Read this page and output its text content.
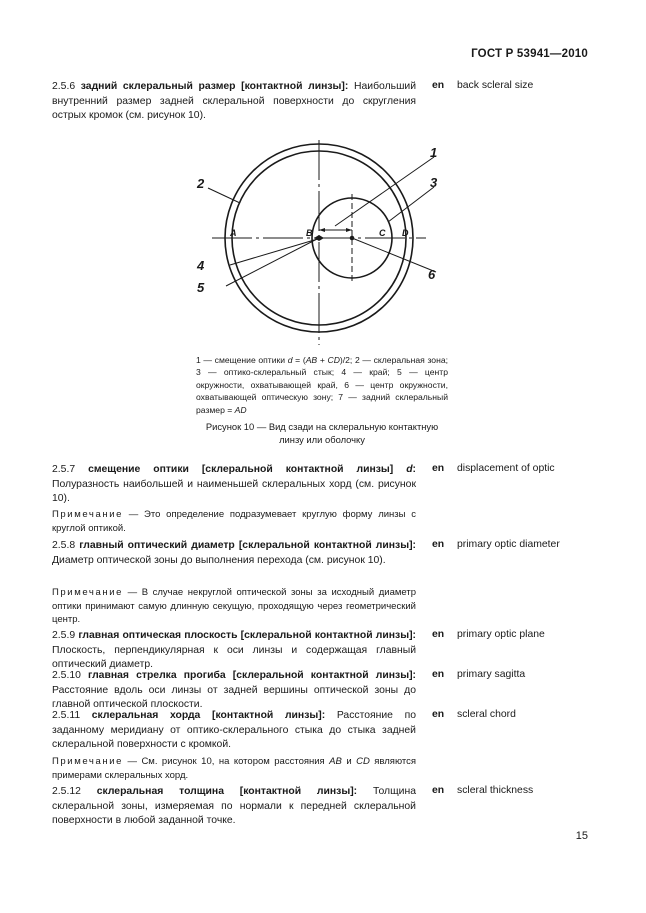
ГОСТ Р 53941—2010
2.5.6 задний склеральный размер [контактной линзы]: Наибольший внутренний размер задней склеральной поверхности до скругления острых кромок (см. рисунок 10).
en back scleral size
1
2	3
4
5
6
A	B	C D
1 — смещение оптики d = (AB + CD)/2; 2 — склеральная зона; 3 — оптико-склеральный стык; 4 — край; 5 — центр окружности, охватывающей край, 6 — центр окружности, охватывающей оптическую зону; 7 — задний склеральный размер = AD
Рисунок 10 — Вид сзади на склеральную контактную линзу или оболочку
2.5.7 смещение оптики [склеральной контактной линзы] d: Полуразность наибольшей и наименьшей склеральных хорд (см. рисунок 10).
en displacement of optic
Примечание — Это определение подразумевает круглую форму линзы с круглой оптикой.
2.5.8 главный оптический диаметр [склеральной контактной линзы]: Диаметр оптической зоны до выполнения перехода (см. рисунок 10).
en primary optic diameter
Примечание — В случае некруглой оптической зоны за исходный диаметр оптики принимают самую длинную секущую, проходящую через геометрический центр.
2.5.9 главная оптическая плоскость [склеральной контактной линзы]: Плоскость, перпендикулярная к оси линзы и содержащая главный оптический диаметр.
en primary optic plane
2.5.10 главная стрелка прогиба [склеральной контактной линзы]: Расстояние вдоль оси линзы от задней вершины оптической зоны до главной оптической плоскости.
en primary sagitta
2.5.11 склеральная хорда [контактной линзы]: Расстояние по заданному меридиану от оптико-склерального стыка до стыка задней склеральной поверхности с кромкой.
en scleral chord
Примечание — См. рисунок 10, на котором расстояния AB и CD являются примерами склеральных хорд.
2.5.12 склеральная толщина [контактной линзы]: Толщина склеральной зоны, измеряемая по нормали к передней склеральной поверхности в любой заданной точке.
en scleral thickness
15
